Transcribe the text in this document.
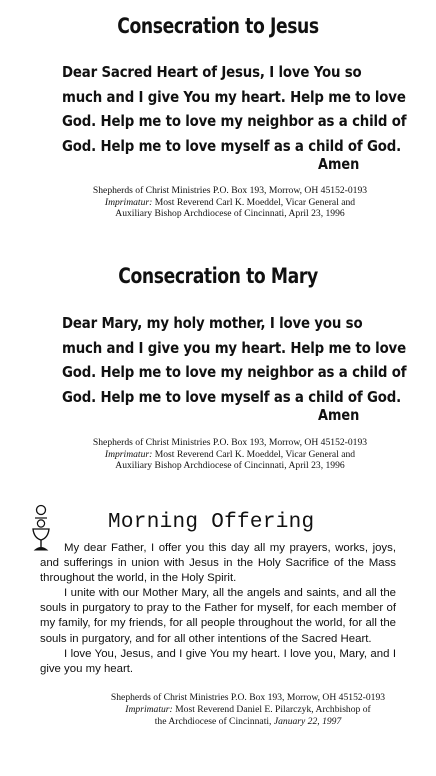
Consecration to Jesus
Dear Sacred Heart of Jesus, I love You so
much and I give You my heart. Help me to love
God. Help me to love my neighbor as a child of
God. Help me to love myself as a child of God.
Amen
Shepherds of Christ Ministries P.O. Box 193, Morrow, OH 45152-0193
Imprimatur: Most Reverend Carl K. Moeddel, Vicar General and
Auxiliary Bishop Archdiocese of Cincinnati, April 23, 1996
Consecration to Mary
Dear Mary, my holy mother, I love you so
much and I give you my heart. Help me to love
God. Help me to love my neighbor as a child of
God. Help me to love myself as a child of God.
Amen
Shepherds of Christ Ministries P.O. Box 193, Morrow, OH 45152-0193
Imprimatur: Most Reverend Carl K. Moeddel, Vicar General and
Auxiliary Bishop Archdiocese of Cincinnati, April 23, 1996
Morning Offering

My dear Father, I offer you this day all my prayers, works, joys, and sufferings in union with Jesus in the Holy Sacrifice of the Mass throughout the world, in the Holy Spirit.

I unite with our Mother Mary, all the angels and saints, and all the souls in purgatory to pray to the Father for myself, for each member of my family, for my friends, for all people throughout the world, for all the souls in purgatory, and for all other intentions of the Sacred Heart.

I love You, Jesus, and I give You my heart. I love you, Mary, and I give you my heart.

Shepherds of Christ Ministries P.O. Box 193, Morrow, OH 45152-0193
Imprimatur: Most Reverend Daniel E. Pilarczyk, Archbishop of
the Archdiocese of Cincinnati, January 22, 1997
